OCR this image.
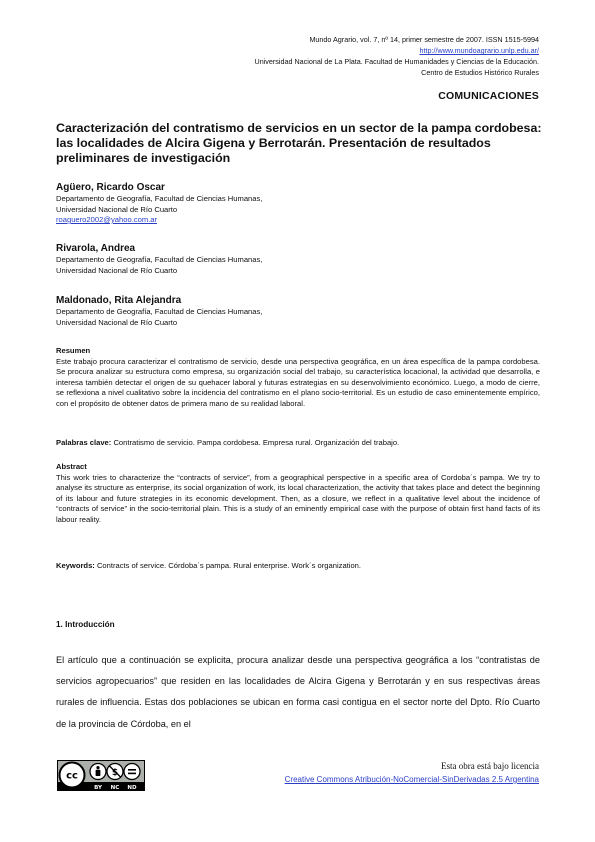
Mundo Agrario, vol. 7, nº 14, primer semestre de 2007. ISSN 1515-5994
http://www.mundoagrario.unlp.edu.ar/
Universidad Nacional de La Plata. Facultad de Humanidades y Ciencias de la Educación.
Centro de Estudios Histórico Rurales
COMUNICACIONES
Caracterización del contratismo de servicios en un sector de la pampa cordobesa: las localidades de Alcira Gigena y Berrotarán. Presentación de resultados preliminares de investigación
Agüero, Ricardo Oscar
Departamento de Geografía, Facultad de Ciencias Humanas,
Universidad Nacional de Río Cuarto
roaguero2002@yahoo.com.ar
Rivarola, Andrea
Departamento de Geografía, Facultad de Ciencias Humanas,
Universidad Nacional de Río Cuarto
Maldonado, Rita Alejandra
Departamento de Geografía, Facultad de Ciencias Humanas,
Universidad Nacional de Río Cuarto
Resumen
Este trabajo procura caracterizar el contratismo de servicio, desde una perspectiva geográfica, en un área específica de la pampa cordobesa. Se procura analizar su estructura como empresa, su organización social del trabajo, su característica locacional, la actividad que desarrolla, e interesa también detectar el origen de su quehacer laboral y futuras estrategias en su desenvolvimiento económico. Luego, a modo de cierre, se reflexiona a nivel cualitativo sobre la incidencia del contratismo en el plano socio-territorial. Es un estudio de caso eminentemente empírico, con el propósito de obtener datos de primera mano de su realidad laboral.
Palabras clave: Contratismo de servicio. Pampa cordobesa. Empresa rural. Organización del trabajo.
Abstract
This work tries to characterize the “contracts of service”, from a geographical perspective in a specific area of Cordoba´s pampa. We try to analyse its structure as enterprise, its social organization of work, its local characterization, the activity that takes place and detect the beginning of its labour and future strategies in its economic development. Then, as a closure, we reflect in a qualitative level about the incidence of “contracts of service” in the socio-territorial plain. This is a study of an eminently empirical case with the purpose of obtain first hand facts of its labour reality.
Keywords: Contracts of service. Córdoba´s pampa. Rural enterprise. Work´s organization.
1. Introducción
El artículo que a continuación se explicita, procura analizar desde una perspectiva geográfica a los “contratistas de servicios agropecuarios” que residen en las localidades de Alcira Gigena y Berrotarán y en sus respectivas áreas rurales de influencia. Estas dos poblaciones se ubican en forma casi contigua en el sector norte del Dpto. Río Cuarto de la provincia de Córdoba, en el
cc	$
BY NC ND
Esta obra está bajo licencia
Creative Commons Atribución-NoComercial-SinDerivadas 2.5 Argentina
